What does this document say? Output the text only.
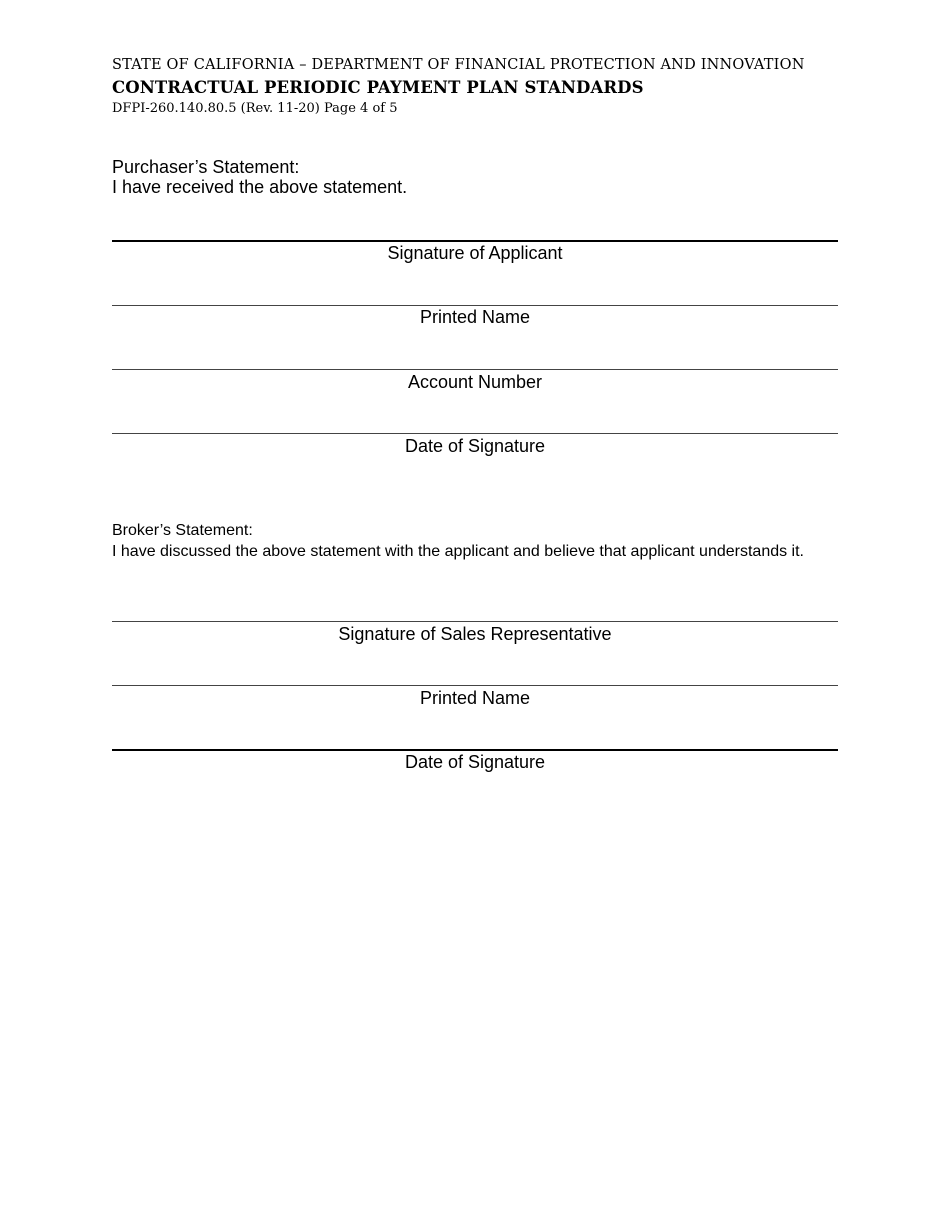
STATE OF CALIFORNIA – DEPARTMENT OF FINANCIAL PROTECTION AND INNOVATION
CONTRACTUAL PERIODIC PAYMENT PLAN STANDARDS
DFPI-260.140.80.5 (Rev. 11-20) Page 4 of 5
Purchaser’s Statement:
I have received the above statement.
Signature of Applicant
Printed Name
Account Number
Date of Signature
Broker’s Statement:
I have discussed the above statement with the applicant and believe that applicant understands it.
Signature of Sales Representative
Printed Name
Date of Signature
